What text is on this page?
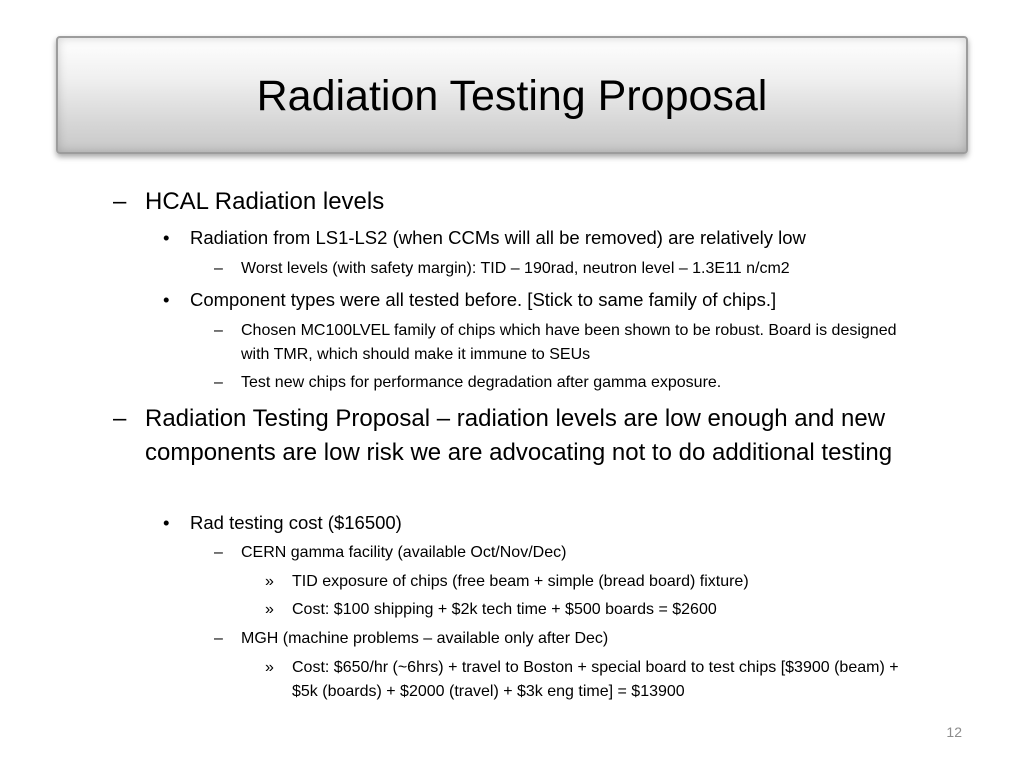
Radiation Testing Proposal
– HCAL Radiation levels
•	Radiation from LS1-LS2 (when CCMs will all be removed) are relatively low
–	Worst levels (with safety margin): TID – 190rad, neutron level – 1.3E11 n/cm2
•	Component types were all tested before. [Stick to same family of chips.]
–	Chosen MC100LVEL family of chips which have been shown to be robust. Board is designed with TMR, which should make it immune to SEUs
–	Test new chips for performance degradation after gamma exposure.
– Radiation Testing Proposal – radiation levels are low enough and new components are low risk we are advocating not to do additional testing
•	Rad testing cost ($16500)
–	CERN gamma facility (available Oct/Nov/Dec)
»	TID exposure of chips (free beam + simple (bread board) fixture)
»	Cost: $100 shipping + $2k tech time + $500 boards = $2600
–	MGH (machine problems – available only after Dec)
»	Cost: $650/hr (~6hrs) + travel to Boston + special board to test chips [$3900 (beam) + $5k (boards) + $2000 (travel) + $3k eng time] = $13900
12
